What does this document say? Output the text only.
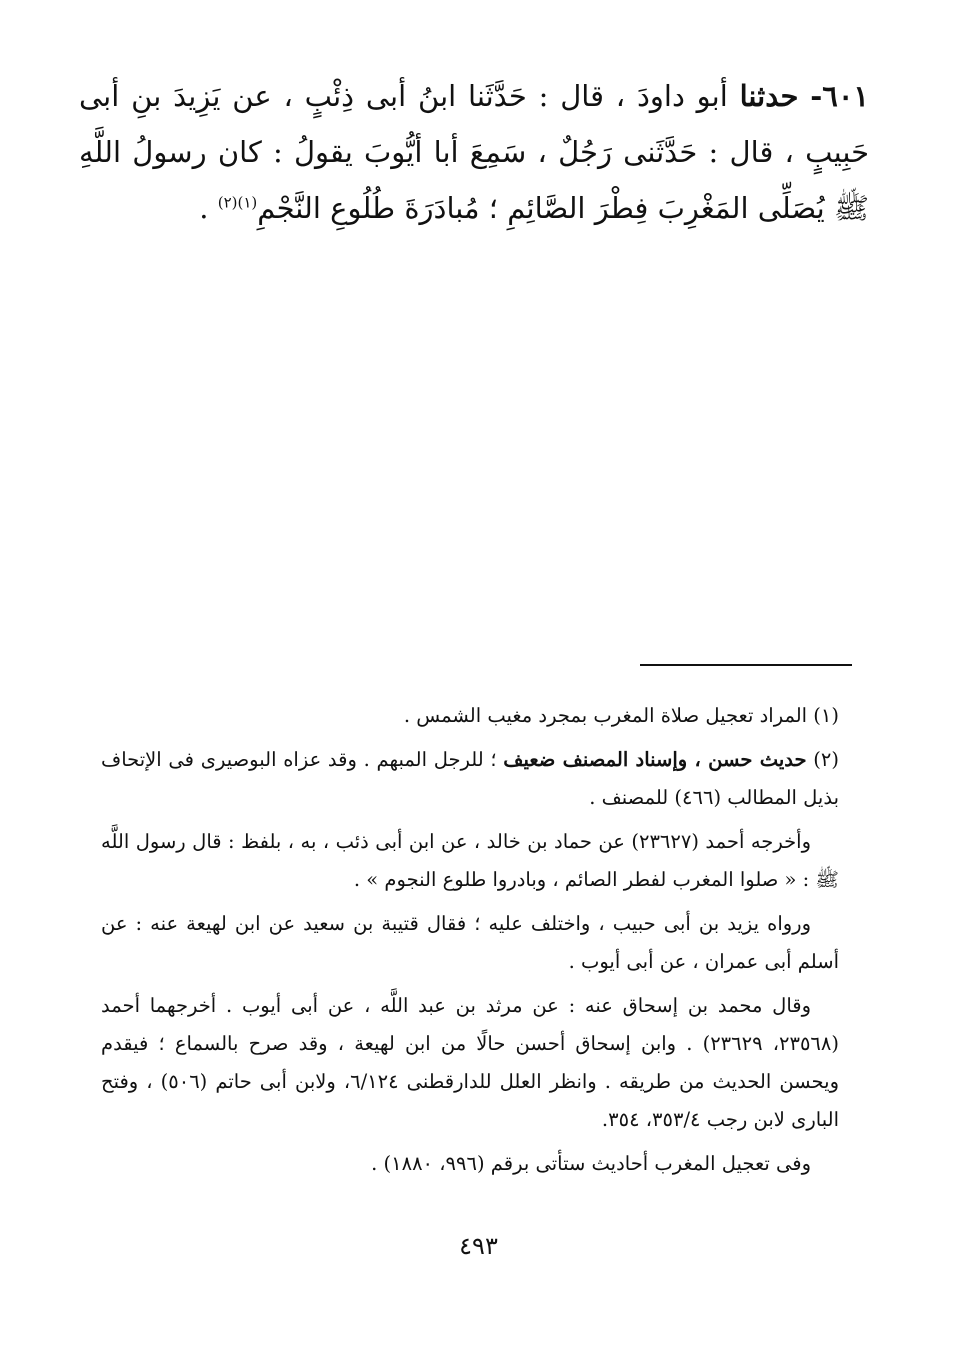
٦٠١- حدثنا أبو داودَ ، قال : حَدَّثَنا ابنُ أبى ذِئْبٍ ، عن يَزِيدَ بنِ أبى حَبِيبٍ ، قال : حَدَّثَنى رَجُلٌ ، سَمِعَ أبا أيُّوبَ يقولُ : كان رسولُ اللَّهِ ﷺ يُصَلِّى المَغْرِبَ فِطْرَ الصَّائِمِ ؛ مُبادَرَةَ طُلُوعِ النَّجْمِ$^{(١)(٢)}$ .

(١) المراد تعجيل صلاة المغرب بمجرد مغيب الشمس .

(٢) حديث حسن ، وإسناد المصنف ضعيف ؛ للرجل المبهم . وقد عزاه البوصيرى فى الإتحاف بذيل المطالب (٤٦٦) للمصنف .

وأخرجه أحمد (٢٣٦٢٧) عن حماد بن خالد ، عن ابن أبى ذئب ، به ، بلفظ : قال رسول اللَّه ﷺ : « صلوا المغرب لفطر الصائم ، وبادروا طلوع النجوم » .

ورواه يزيد بن أبى حبيب ، واختلف عليه ؛ فقال قتيبة بن سعيد عن ابن لهيعة عنه : عن أسلم أبى عمران ، عن أبى أيوب .

وقال محمد بن إسحاق عنه : عن مرثد بن عبد اللَّه ، عن أبى أيوب . أخرجهما أحمد (٢٣٥٦٨، ٢٣٦٢٩) . وابن إسحاق أحسن حالًا من ابن لهيعة ، وقد صرح بالسماع ؛ فيقدم ويحسن الحديث من طريقه . وانظر العلل للدارقطنى ٦/١٢٤، ولابن أبى حاتم (٥٠٦) ، وفتح البارى لابن رجب ٣٥٣/٤، ٣٥٤.

وفى تعجيل المغرب أحاديث ستأتى برقم (٩٩٦، ١٨٨٠) .

٤٩٣
